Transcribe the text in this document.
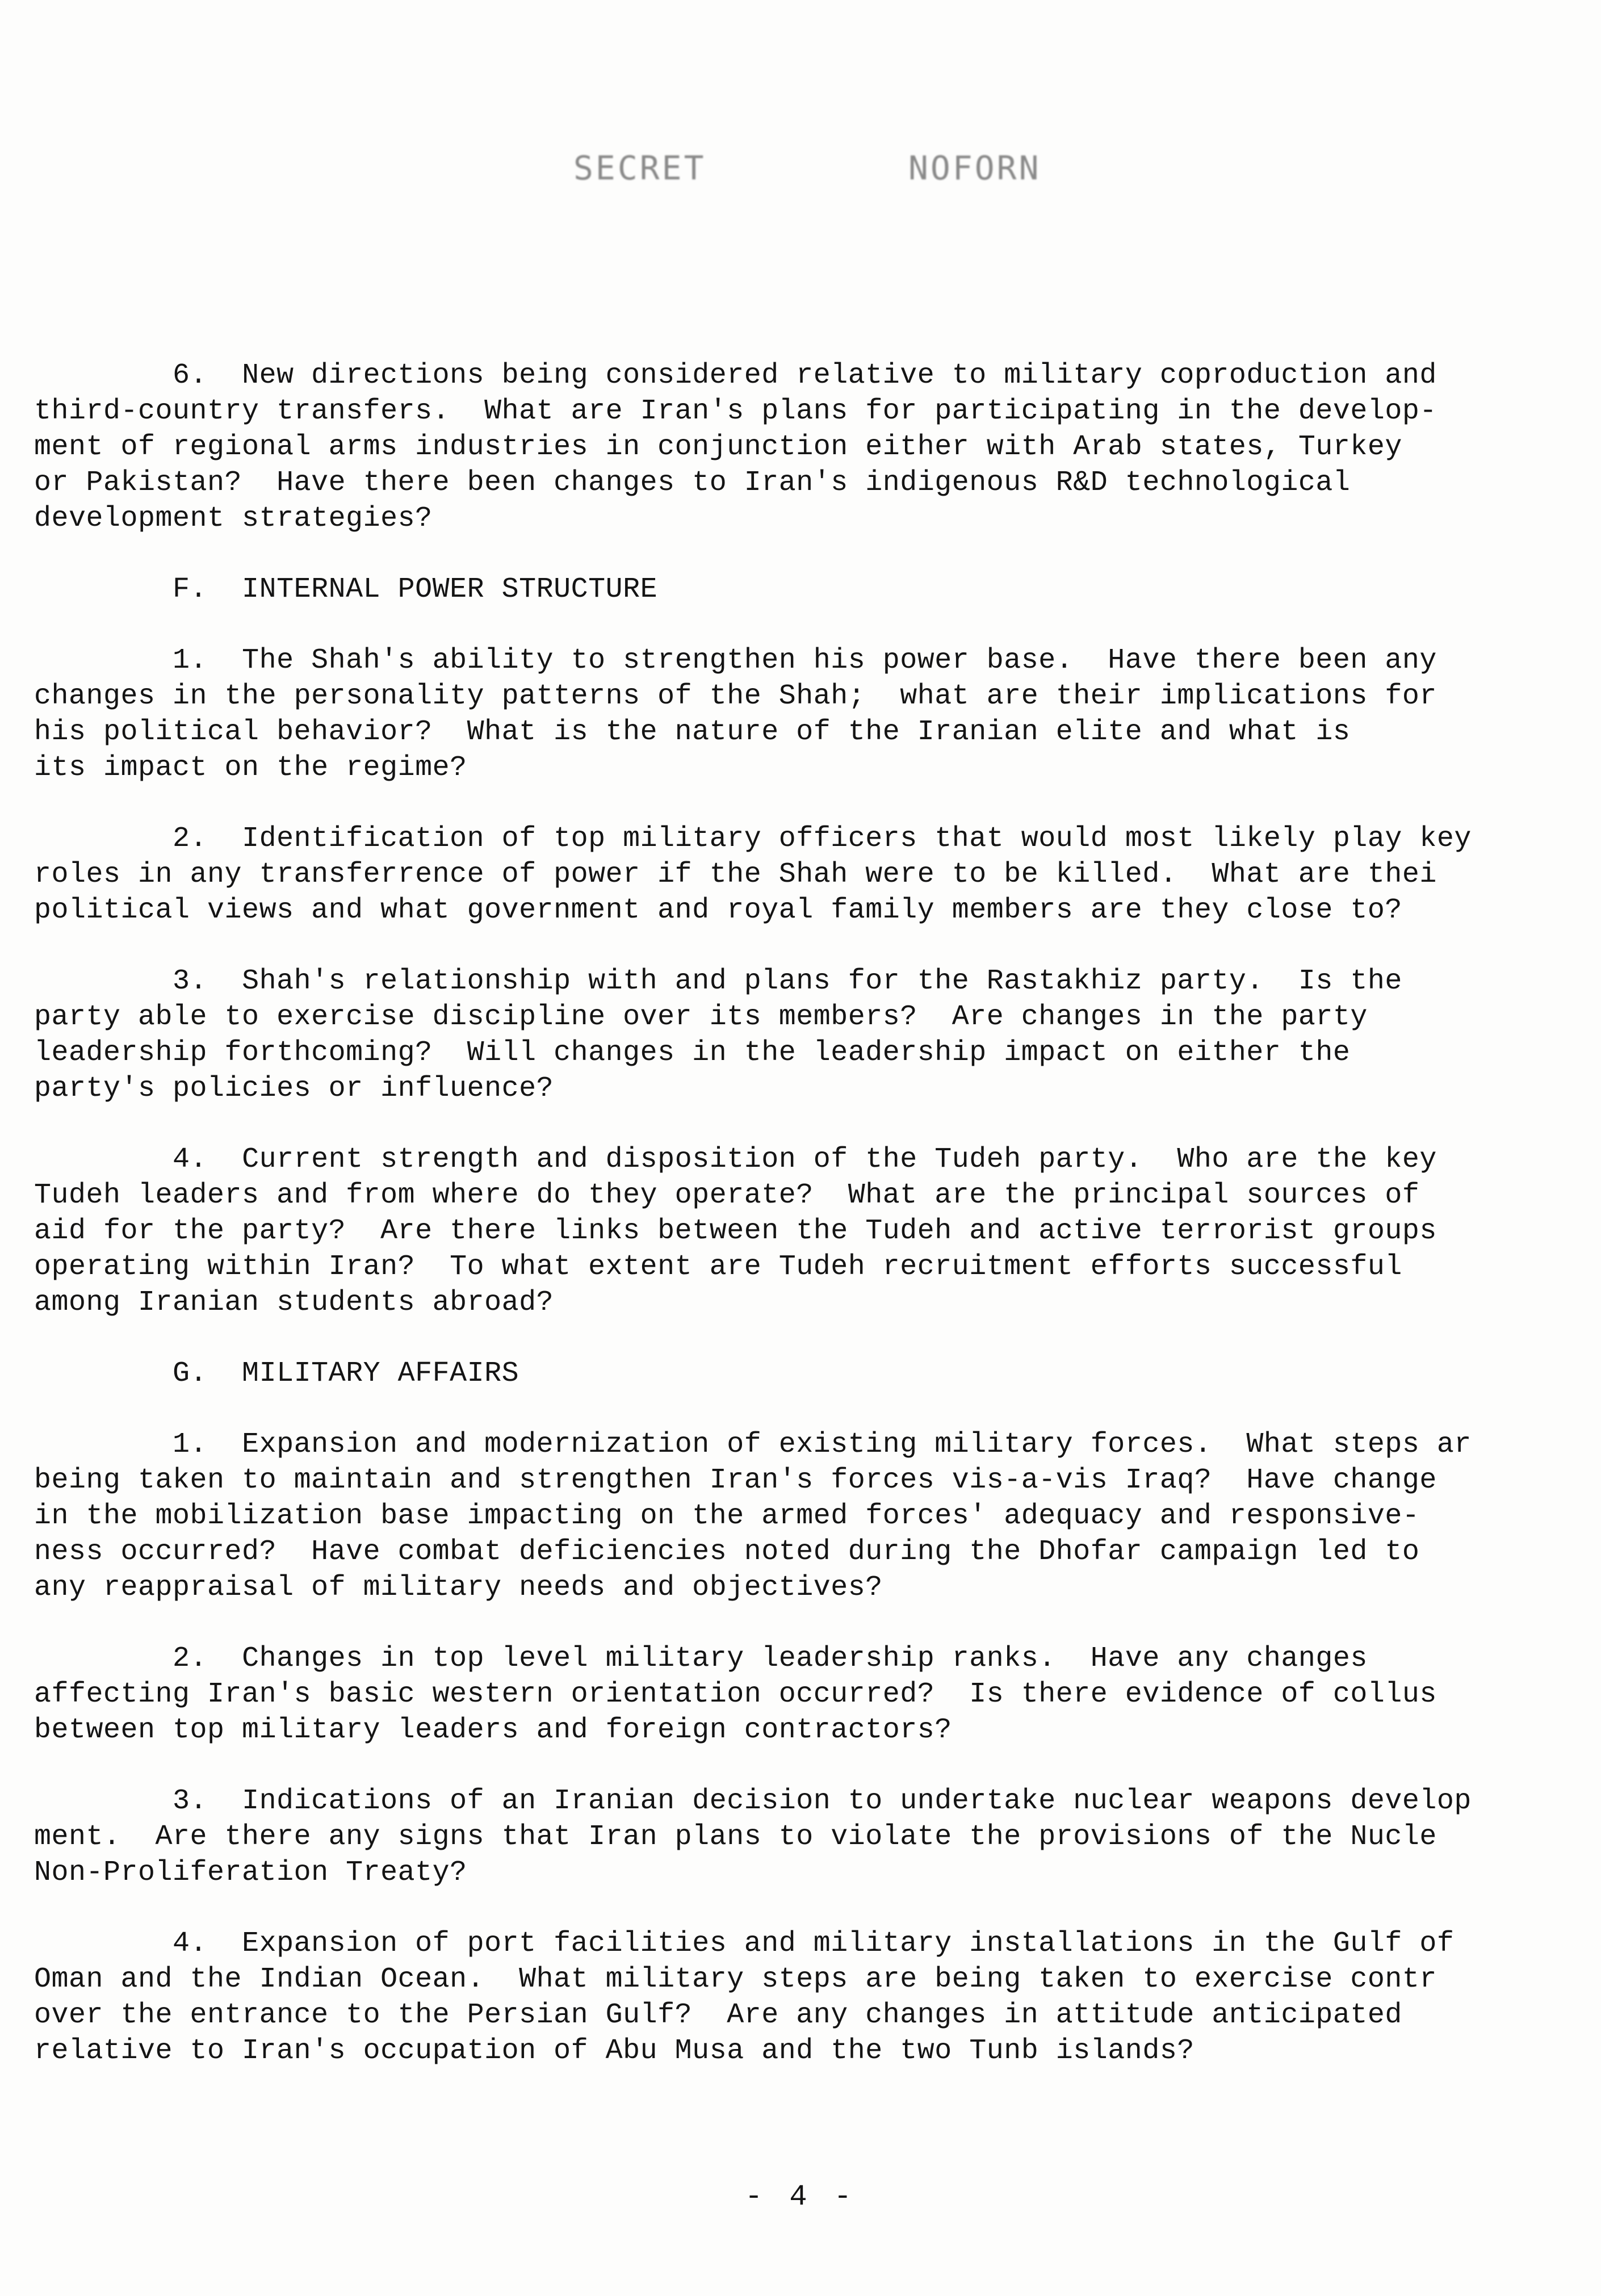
SECRET	NOFORN

6.  New directions being considered relative to military coproduction and
third-country transfers.  What are Iran's plans for participating in the develop-
ment of regional arms industries in conjunction either with Arab states, Turkey
or Pakistan?  Have there been changes to Iran's indigenous R&D technological
development strategies?

F.  INTERNAL POWER STRUCTURE

1.  The Shah's ability to strengthen his power base.  Have there been any
changes in the personality patterns of the Shah;  what are their implications for
his political behavior?  What is the nature of the Iranian elite and what is
its impact on the regime?

2.  Identification of top military officers that would most likely play key
roles in any transferrence of power if the Shah were to be killed.  What are thei
political views and what government and royal family members are they close to?

3.  Shah's relationship with and plans for the Rastakhiz party.  Is the
party able to exercise discipline over its members?  Are changes in the party
leadership forthcoming?  Will changes in the leadership impact on either the
party's policies or influence?

4.  Current strength and disposition of the Tudeh party.  Who are the key
Tudeh leaders and from where do they operate?  What are the principal sources of
aid for the party?  Are there links between the Tudeh and active terrorist groups
operating within Iran?  To what extent are Tudeh recruitment efforts successful
among Iranian students abroad?

G.  MILITARY AFFAIRS

1.  Expansion and modernization of existing military forces.  What steps ar
being taken to maintain and strengthen Iran's forces vis-a-vis Iraq?  Have change
in the mobilization base impacting on the armed forces' adequacy and responsive-
ness occurred?  Have combat deficiencies noted during the Dhofar campaign led to
any reappraisal of military needs and objectives?

2.  Changes in top level military leadership ranks.  Have any changes
affecting Iran's basic western orientation occurred?  Is there evidence of collus
between top military leaders and foreign contractors?

3.  Indications of an Iranian decision to undertake nuclear weapons develop
ment.  Are there any signs that Iran plans to violate the provisions of the Nucle
Non-Proliferation Treaty?

4.  Expansion of port facilities and military installations in the Gulf of
Oman and the Indian Ocean.  What military steps are being taken to exercise contr
over the entrance to the Persian Gulf?  Are any changes in attitude anticipated
relative to Iran's occupation of Abu Musa and the two Tunb islands?

- 4 -
